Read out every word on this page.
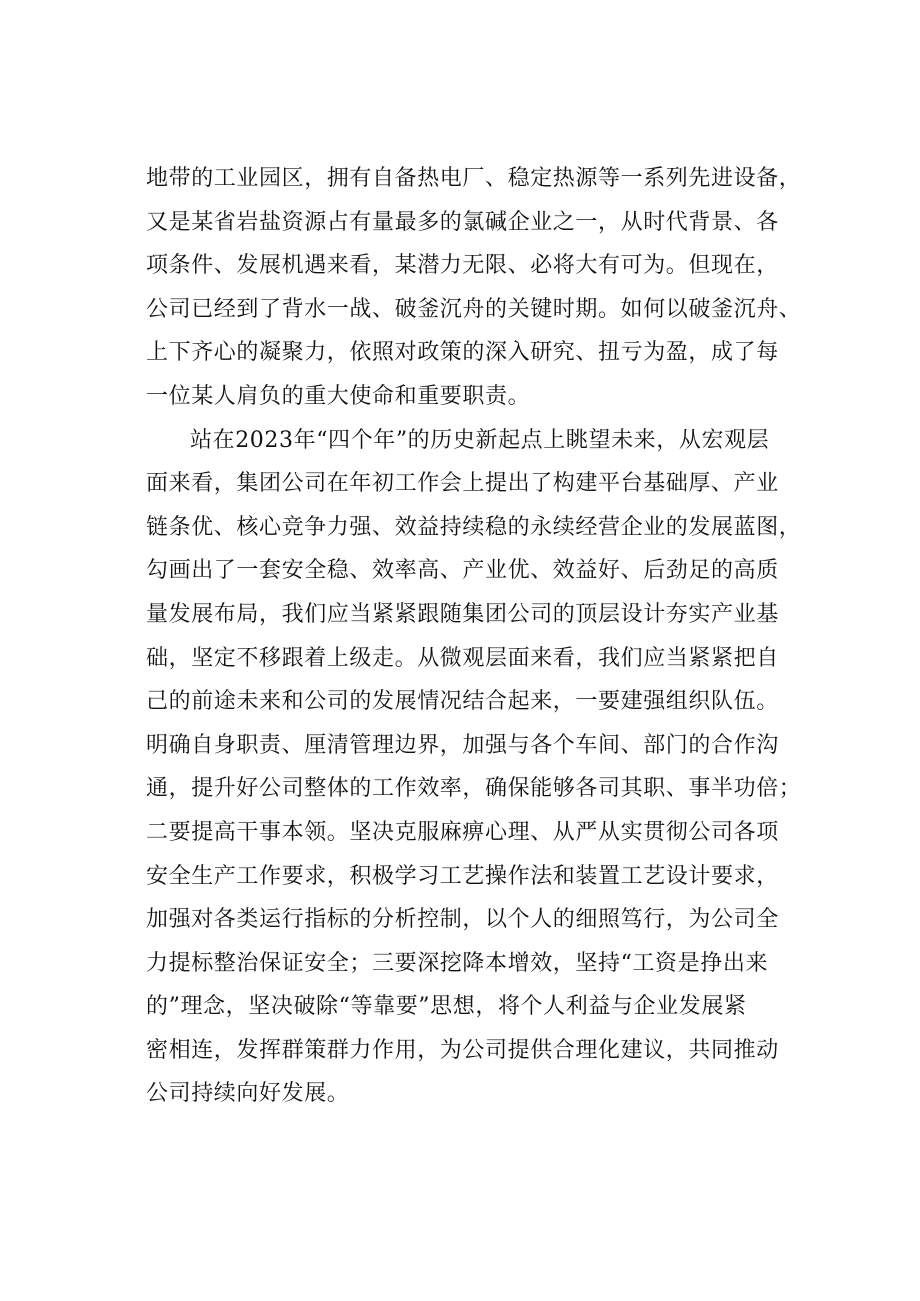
地带的工业园区，拥有自备热电厂、稳定热源等一系列先进设备，
又是某省岩盐资源占有量最多的氯碱企业之一，从时代背景、各
项条件、发展机遇来看，某潜力无限、必将大有可为。但现在，
公司已经到了背水一战、破釜沉舟的关键时期。如何以破釜沉舟、
上下齐心的凝聚力，依照对政策的深入研究、扭亏为盈，成了每
一位某人肩负的重大使命和重要职责。
站在2023年“四个年”的历史新起点上眺望未来，从宏观层
面来看，集团公司在年初工作会上提出了构建平台基础厚、产业
链条优、核心竞争力强、效益持续稳的永续经营企业的发展蓝图，
勾画出了一套安全稳、效率高、产业优、效益好、后劲足的高质
量发展布局，我们应当紧紧跟随集团公司的顶层设计夯实产业基
础，坚定不移跟着上级走。从微观层面来看，我们应当紧紧把自
己的前途未来和公司的发展情况结合起来，一要建强组织队伍。
明确自身职责、厘清管理边界，加强与各个车间、部门的合作沟
通，提升好公司整体的工作效率，确保能够各司其职、事半功倍；
二要提高干事本领。坚决克服麻痹心理、从严从实贯彻公司各项
安全生产工作要求，积极学习工艺操作法和装置工艺设计要求，
加强对各类运行指标的分析控制，以个人的细照笃行，为公司全
力提标整治保证安全；三要深挖降本增效，坚持“工资是挣出来
的”理念，坚决破除“等靠要”思想，将个人利益与企业发展紧
密相连，发挥群策群力作用，为公司提供合理化建议，共同推动
公司持续向好发展。
